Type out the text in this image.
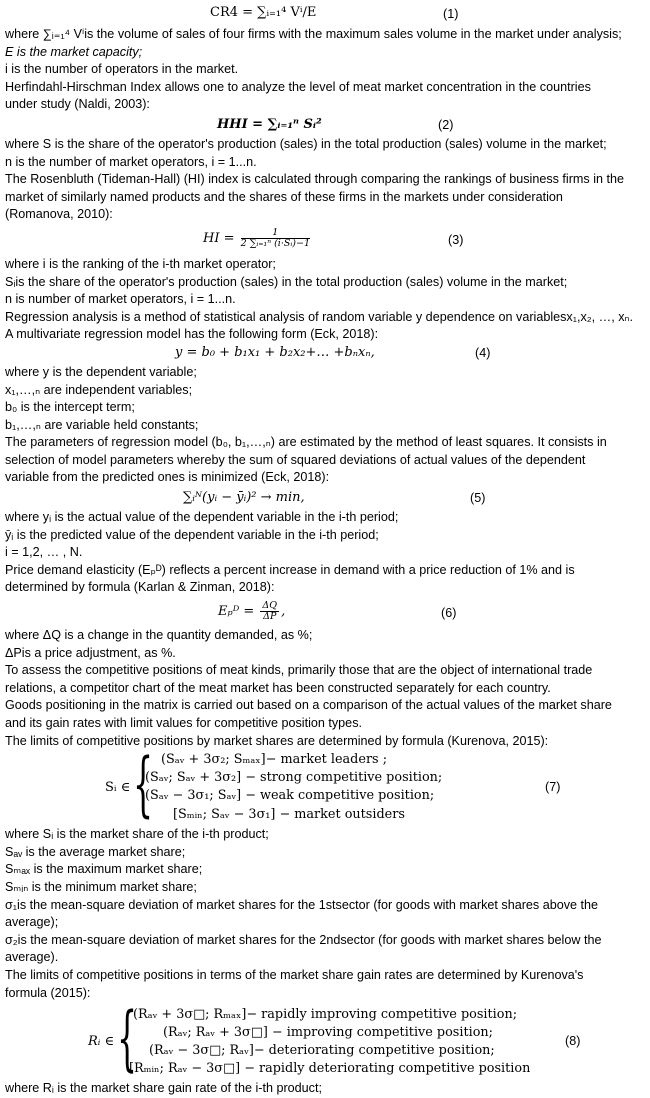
CR4 = ∑ᵢ₌₁⁴ Vⁱ/E	(1)
where ∑ᵢ₌₁⁴ Vⁱis the volume of sales of four firms with the maximum sales volume in the market under analysis;
E is the market capacity;
i is the number of operators in the market.
Herfindahl-Hirschman Index allows one to analyze the level of meat market concentration in the countries
under study (Naldi, 2003):
HHI = ∑ᵢ₌₁ⁿ Sᵢ²	(2)
where S is the share of the operator's production (sales) in the total production (sales) volume in the market;
n is the number of market operators, i = 1...n.
The Rosenbluth (Tideman-Hall) (HI) index is calculated through comparing the rankings of business firms in the
market of similarly named products and the shares of these firms in the markets under consideration
(Romanova, 2010):
HI = $\frac{1}{\text{2 ∑ᵢ₌₁ⁿ (i·Sᵢ)−1}}$	(3)
where i is the ranking of the i-th market operator;
Sᵢis the share of the operator's production (sales) in the total production (sales) volume in the market;
n is number of market operators, i = 1...n.
Regression analysis is a method of statistical analysis of random variable y dependence on variablesx₁,x₂, …, xₙ.
A multivariate regression model has the following form (Eck, 2018):
y = b₀ + b₁x₁ + b₂x₂+… +bₙxₙ,	(4)
where y is the dependent variable;
x₁,…,ₙ are independent variables;
b₀ is the intercept term;
b₁,…,ₙ are variable held constants;
The parameters of regression model (b₀, b₁,…,ₙ) are estimated by the method of least squares. It consists in
selection of model parameters whereby the sum of squared deviations of actual values of the dependent
variable from the predicted ones is minimized (Eck, 2018):
∑ᵢᴺ(yᵢ − ȳᵢ)² → min,	(5)
where yᵢ is the actual value of the dependent variable in the i-th period;
ȳᵢ is the predicted value of the dependent variable in the i-th period;
i = 1,2, … , N.
Price demand elasticity (Eₚᴰ) reflects a percent increase in demand with a price reduction of 1% and is
determined by formula (Karlan & Zinman, 2018):
Eₚᴰ = $\frac{\Delta Q}{\Delta P}$ ,	(6)
where ΔQ is a change in the quantity demanded, as %;
ΔPis a price adjustment, as %.
To assess the competitive positions of meat kinds, primarily those that are the object of international trade
relations, a competitor chart of the meat market has been constructed separately for each country.
Goods positioning in the matrix is carried out based on a comparison of the actual values of the market share
and its gain rates with limit values for competitive position types.
The limits of competitive positions by market shares are determined by formula (Kurenova, 2015):
Sᵢ ∈ { (Sₐᵥ + 3σ₂; Sₘₐₓ]− market leaders ;
(Sₐᵥ; Sₐᵥ + 3σ₂] − strong competitive position;
(Sₐᵥ − 3σ₁; Sₐᵥ] − weak competitive position;
[Sₘᵢₙ; Sₐᵥ − 3σ₁] − market outsiders
(7)
where Sᵢ is the market share of the i-th product;
Sₐᵥ is the average market share;
Sₘₐₓ is the maximum market share;
Sₘᵢₙ is the minimum market share;
σ₁is the mean-square deviation of market shares for the 1stsector (for goods with market shares above the
average);
σ₂is the mean-square deviation of market shares for the 2ndsector (for goods with market shares below the
average).
The limits of competitive positions in terms of the market share gain rates are determined by Kurenova's
formula (2015):
Rᵢ ∈ {
(Rₐᵥ + 3σ□; Rₘₐₓ]− rapidly improving competitive position;
(Rₐᵥ; Rₐᵥ + 3σ□] − improving competitive position;
(Rₐᵥ − 3σ□; Rₐᵥ]− deteriorating competitive position;
[Rₘᵢₙ; Rₐᵥ − 3σ□] − rapidly deteriorating competitive position
(8)
where Rᵢ is the market share gain rate of the i-th product;
